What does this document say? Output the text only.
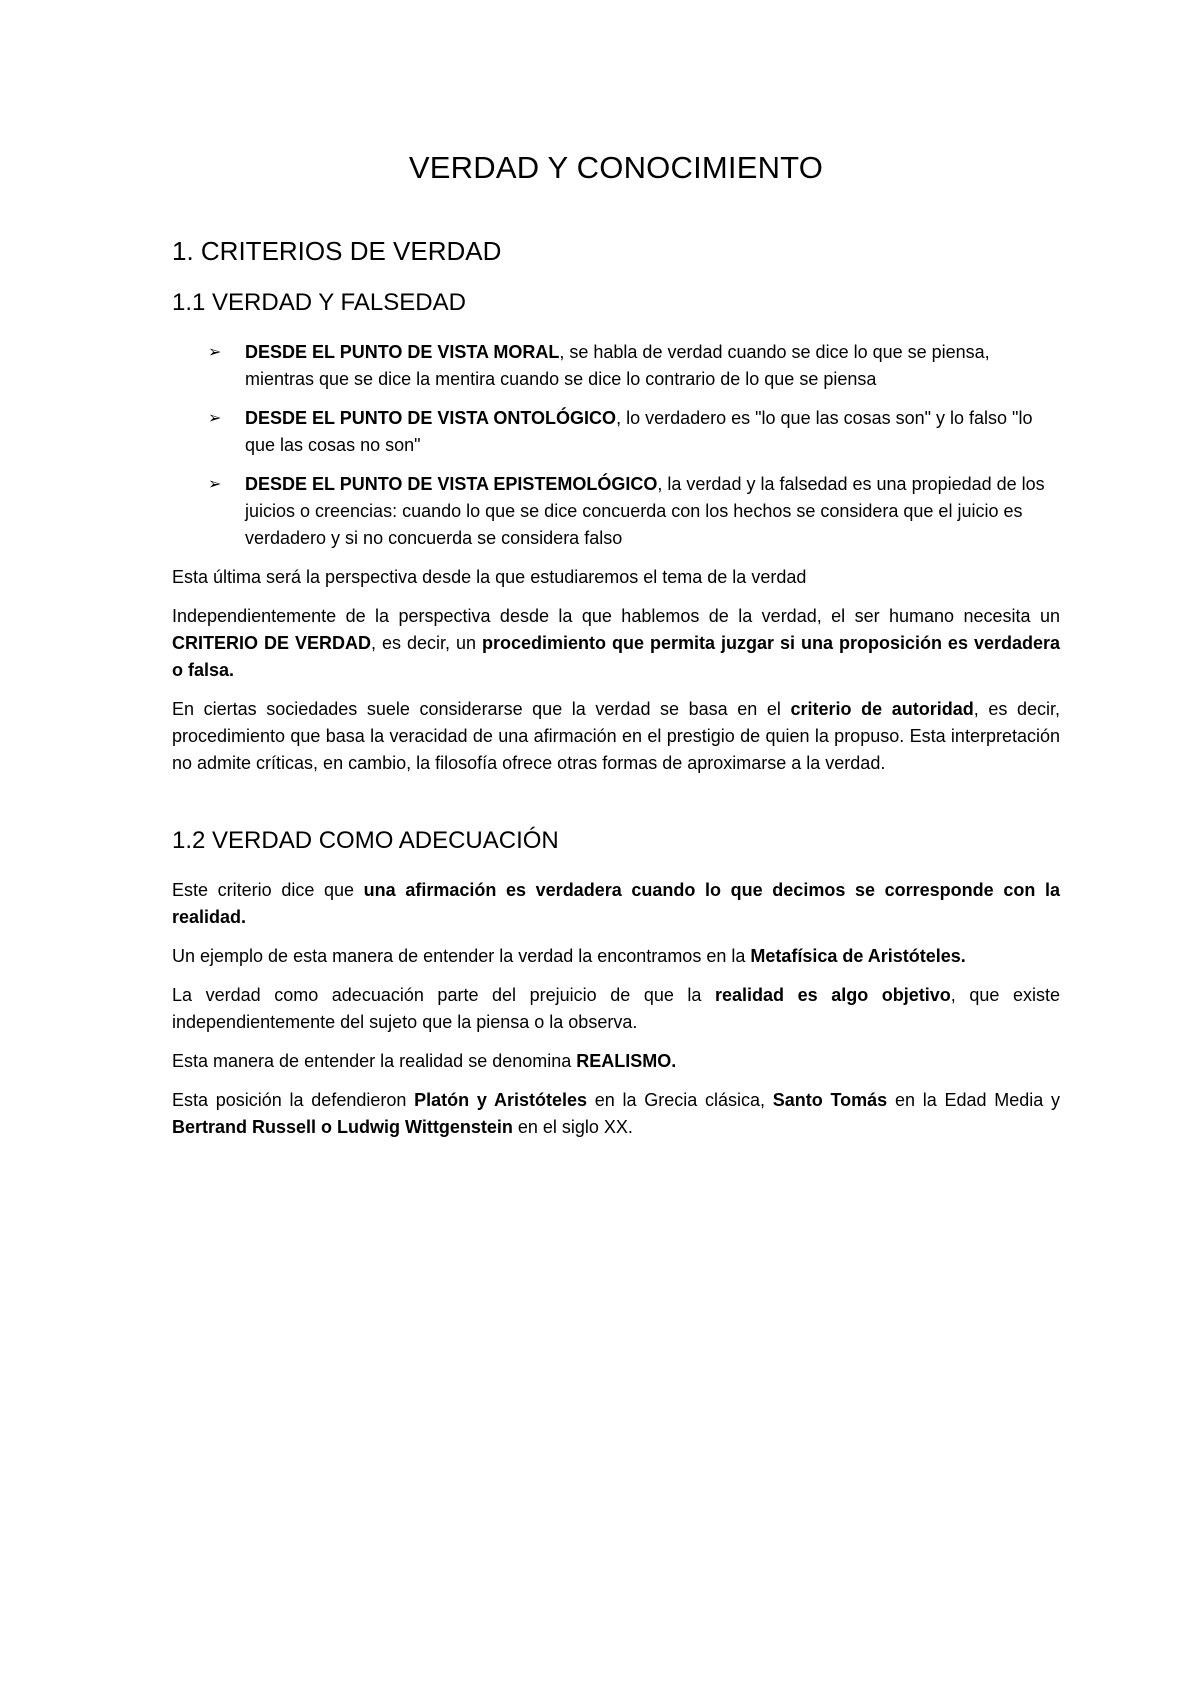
VERDAD Y CONOCIMIENTO
1. CRITERIOS DE VERDAD
1.1 VERDAD Y FALSEDAD
➢ DESDE EL PUNTO DE VISTA MORAL, se habla de verdad cuando se dice lo que se piensa, mientras que se dice la mentira cuando se dice lo contrario de lo que se piensa
➢ DESDE EL PUNTO DE VISTA ONTOLÓGICO, lo verdadero es "lo que las cosas son" y lo falso "lo que las cosas no son"
➢ DESDE EL PUNTO DE VISTA EPISTEMOLÓGICO, la verdad y la falsedad es una propiedad de los juicios o creencias: cuando lo que se dice concuerda con los hechos se considera que el juicio es verdadero y si no concuerda se considera falso

Esta última será la perspectiva desde la que estudiaremos el tema de la verdad

Independientemente de la perspectiva desde la que hablemos de la verdad, el ser humano necesita un CRITERIO DE VERDAD, es decir, un procedimiento que permita juzgar si una proposición es verdadera o falsa.

En ciertas sociedades suele considerarse que la verdad se basa en el criterio de autoridad, es decir, procedimiento que basa la veracidad de una afirmación en el prestigio de quien la propuso. Esta interpretación no admite críticas, en cambio, la filosofía ofrece otras formas de aproximarse a la verdad.

1.2 VERDAD COMO ADECUACIÓN

Este criterio dice que una afirmación es verdadera cuando lo que decimos se corresponde con la realidad.

Un ejemplo de esta manera de entender la verdad la encontramos en la Metafísica de Aristóteles.

La verdad como adecuación parte del prejuicio de que la realidad es algo objetivo, que existe independientemente del sujeto que la piensa o la observa.

Esta manera de entender la realidad se denomina REALISMO.

Esta posición la defendieron Platón y Aristóteles en la Grecia clásica, Santo Tomás en la Edad Media y Bertrand Russell o Ludwig Wittgenstein en el siglo XX.
